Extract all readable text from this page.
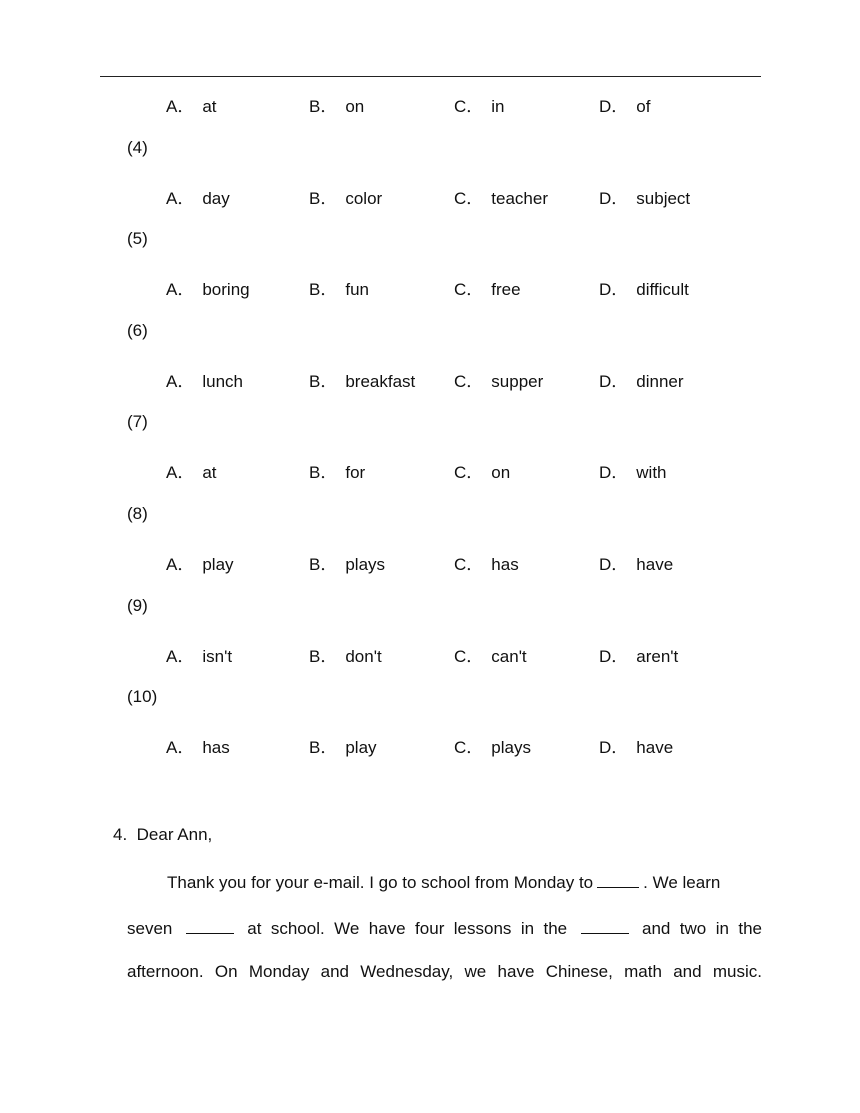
A． at	B． on	C． in	D． of
(4)
A． day	B． color	C． teacher	D． subject
(5)
A． boring	B． fun	C． free	D． difficult
(6)
A． lunch	B． breakfast C． supper	D． dinner
(7)
A． at	B． for	C． on	D． with
(8)
A． play	B． plays	C． has	D． have
(9)
A． isn't	B． don't	C． can't	D． aren't
(10)
A． has	B． play	C． plays	D． have
4. Dear Ann,
Thank you for your e-mail. I go to school from Monday to	. We learn
seven	at school. We have four lessons in the	and two in the
afternoon. On Monday and Wednesday, we have Chinese, math and music.
